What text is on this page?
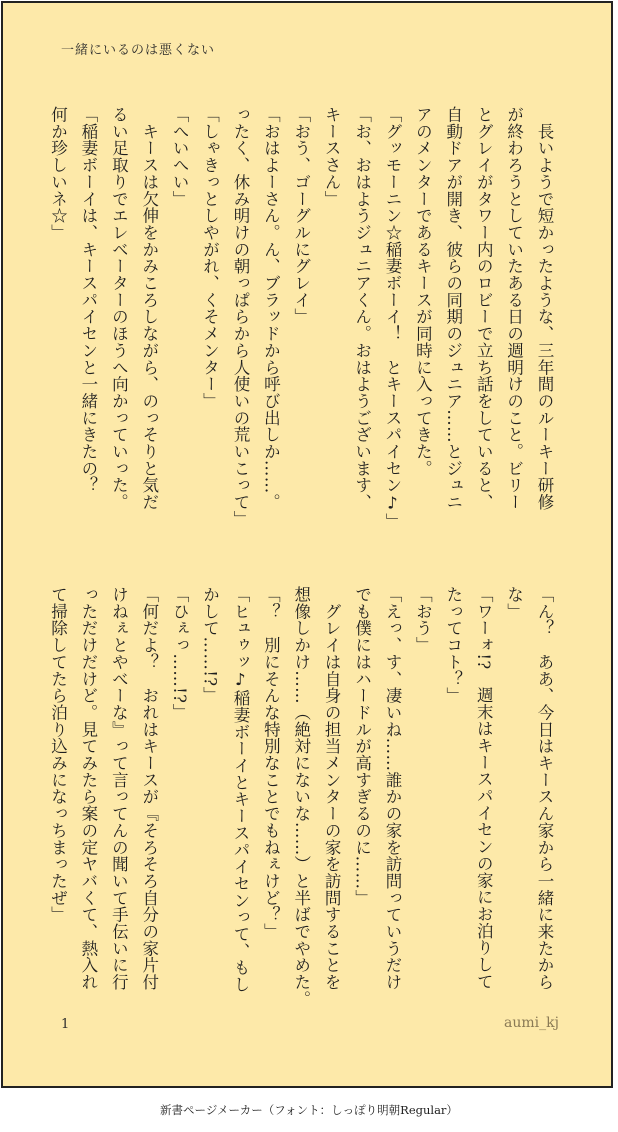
一緒にいるのは悪くない

　長いようで短かったような、三年間のルーキー研修

が終わろうとしていたある日の週明けのこと。ビリー

とグレイがタワー内のロビーで立ち話をしていると、

自動ドアが開き、彼らの同期のジュニア……とジュニ

アのメンターであるキースが同時に入ってきた。

「グッモーニン☆稲妻ボーイ！　とキースパイセン♪」

「お、おはようジュニアくん。おはようございます、

キースさん」

「おう、ゴーグルにグレイ」

「おはよーさん。ん、ブラッドから呼び出しか……。

ったく、休み明けの朝っぱらから人使いの荒いこって」

「しゃきっとしやがれ、くそメンター」

「へいへい」

　キースは欠伸をかみころしながら、のっそりと気だ

るい足取りでエレベーターのほうへ向かっていった。

「稲妻ボーイは、キースパイセンと一緒にきたの？

何か珍しいネ☆」

「ん？　ああ、今日はキースん家から一緒に来たから

な」

「ワーォ!?　週末はキースパイセンの家にお泊りして

たってコト？」

「おう」

「えっ、す、凄いね……誰かの家を訪問っていうだけ

でも僕にはハードルが高すぎるのに……」

　グレイは自身の担当メンターの家を訪問することを

想像しかけ……（絶対にないな……）と半ばでやめた。

「？　別にそんな特別なことでもねぇけど？」

「ヒュゥッ♪稲妻ボーイとキースパイセンって、もし

かして……!?」

「ひぇっ……!?」

「何だよ？　おれはキースが『そろそろ自分の家片付

けねぇとやべーな』って言ってんの聞いて手伝いに行

っただけだけど。見てみたら案の定ヤバくて、熱入れ

て掃除してたら泊り込みになっちまったぜ」

1	aumi_kj
新書ページメーカー（フォント：しっぽり明朝Regular）
